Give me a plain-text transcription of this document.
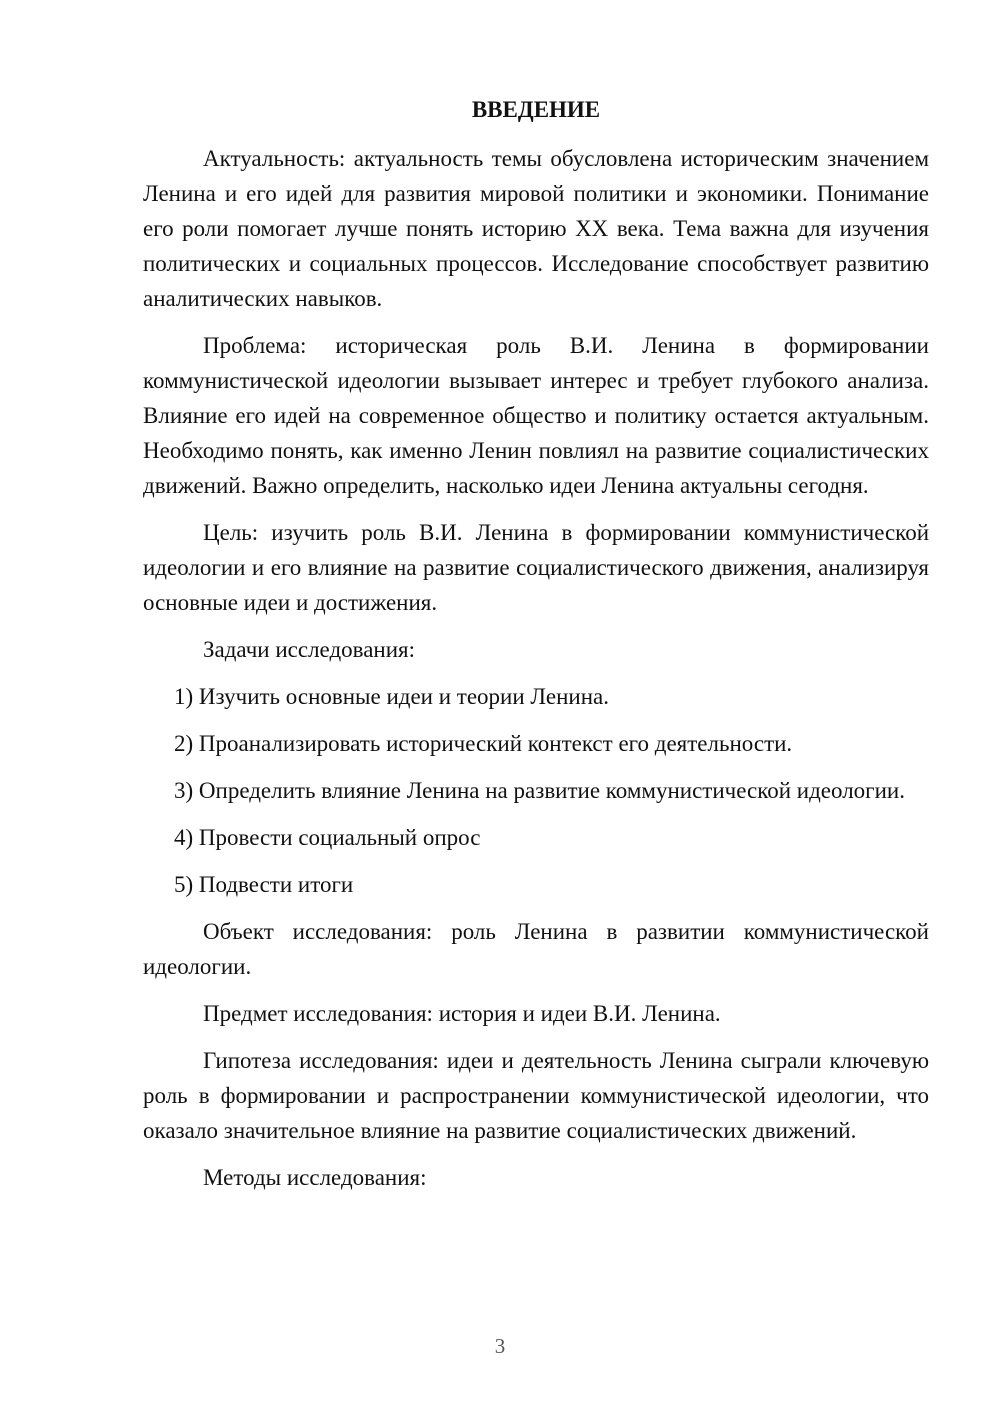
ВВЕДЕНИЕ

Актуальность: актуальность темы обусловлена историческим значением Ленина и его идей для развития мировой политики и экономики. Понимание его роли помогает лучше понять историю XX века. Тема важна для изучения политических и социальных процессов. Исследование способствует развитию аналитических навыков.

Проблема: историческая роль В.И. Ленина в формировании коммунистической идеологии вызывает интерес и требует глубокого анализа. Влияние его идей на современное общество и политику остается актуальным. Необходимо понять, как именно Ленин повлиял на развитие социалистических движений. Важно определить, насколько идеи Ленина актуальны сегодня.

Цель: изучить роль В.И. Ленина в формировании коммунистической идеологии и его влияние на развитие социалистического движения, анализируя основные идеи и достижения.

Задачи исследования:

1) Изучить основные идеи и теории Ленина.

2) Проанализировать исторический контекст его деятельности.

3) Определить влияние Ленина на развитие коммунистической идеологии.

4) Провести социальный опрос

5) Подвести итоги

Объект исследования: роль Ленина в развитии коммунистической идеологии.

Предмет исследования: история и идеи В.И. Ленина.

Гипотеза исследования: идеи и деятельность Ленина сыграли ключевую роль в формировании и распространении коммунистической идеологии, что оказало значительное влияние на развитие социалистических движений.

Методы исследования:

3
